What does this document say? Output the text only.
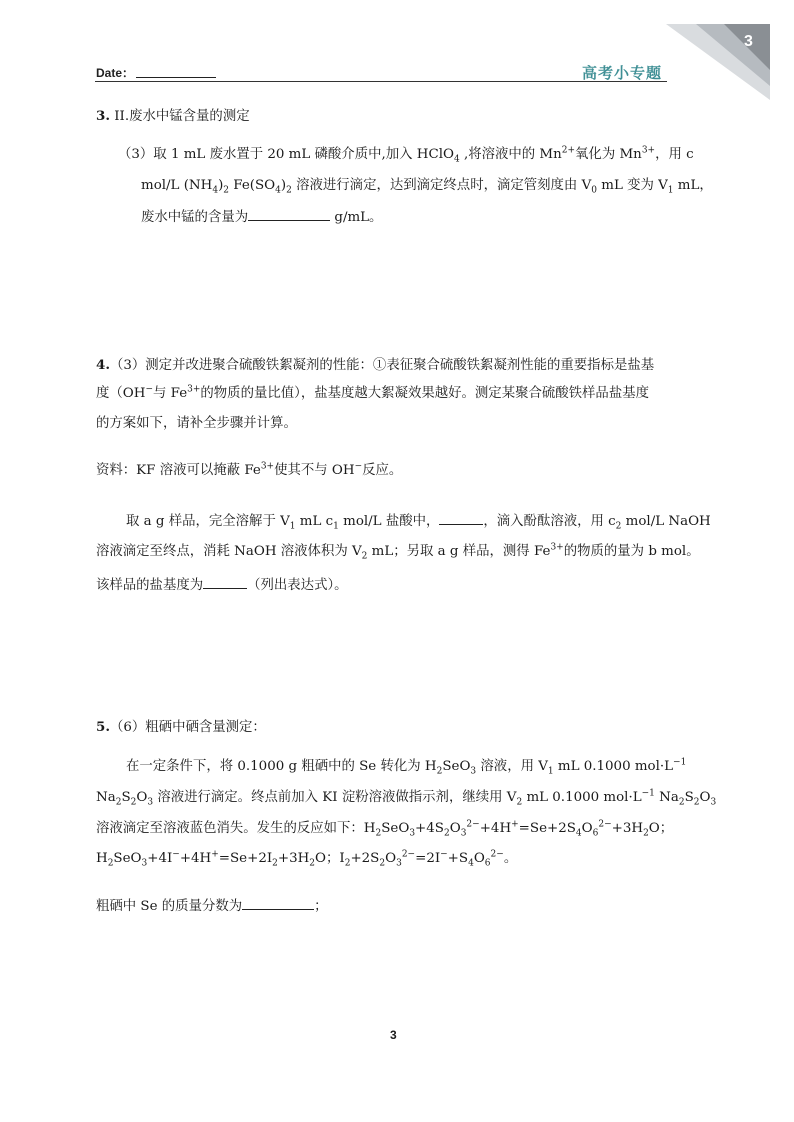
Date：	高考小专题
3
3. II.废水中锰含量的测定
（3）取 1 mL 废水置于 20 mL 磷酸介质中,加入 HClO$_4$ ,将溶液中的 $Mn^{2+}$氧化为 $Mn^{3+}$，用 c
mol/L $(NH_4)_2$ $Fe(SO_4)_2$ 溶液进行滴定，达到滴定终点时，滴定管刻度由 $V_0$ mL 变为 $V_1$ mL，
废水中锰的含量为	g/mL。
4.（3）测定并改进聚合硫酸铁絮凝剂的性能：①表征聚合硫酸铁絮凝剂性能的重要指标是盐基
度（OH−与 $Fe^{3+}$的物质的量比值），盐基度越大絮凝效果越好。测定某聚合硫酸铁样品盐基度
的方案如下，请补全步骤并计算。
资料：KF 溶液可以掩蔽 $Fe^{3+}$使其不与 OH−反应。
取 a g 样品，完全溶解于 $V_1$ mL $c_1$ mol/L 盐酸中，	，滴入酚酞溶液，用 $c_2$ mol/L NaOH
溶液滴定至终点，消耗 NaOH 溶液体积为 $V_2$ mL；另取 a g 样品，测得 $Fe^{3+}$的物质的量为 b mol。
该样品的盐基度为	（列出表达式）。
5.（6）粗硒中硒含量测定：
在一定条件下，将 0.1000 g 粗硒中的 Se 转化为 $H_2SeO_3$ 溶液，用 $V_1$ mL 0.1000 $mol\cdot L^{-1}$
$Na_2S_2O_3$ 溶液进行滴定。终点前加入 KI 淀粉溶液做指示剂，继续用 $V_2$ mL 0.1000 $mol\cdot L^{-1}$ $Na_2S_2O_3$
溶液滴定至溶液蓝色消失。发生的反应如下：$H_2SeO_3+4S_2O_3^{2-}+4H^+=Se+2S_4O_6^{2-}+3H_2O$；
$H_2SeO_3+4I^-+4H^+=Se+2I_2+3H_2O$；$I_2+2S_2O_3^{2-}=2I^-+S_4O_6^{2-}$。
粗硒中 Se 的质量分数为	；
3
